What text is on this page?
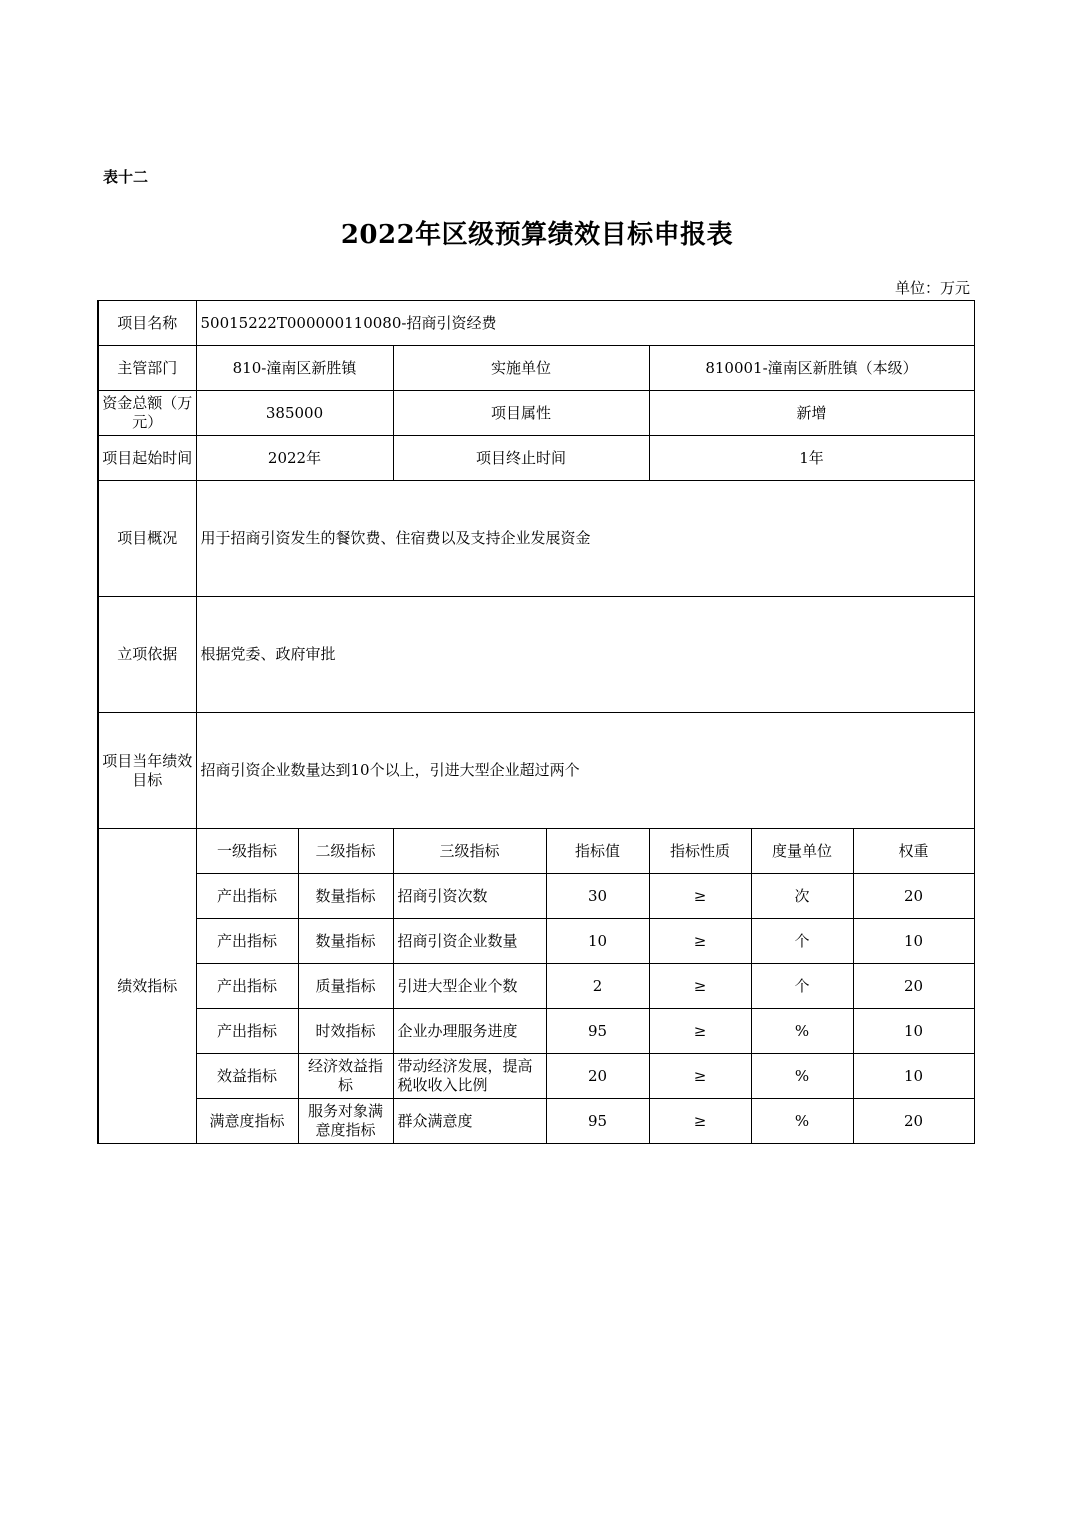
表十二
2022年区级预算绩效目标申报表
单位：万元
项目名称	50015222T000000110080-招商引资经费						
主管部门	810-潼南区新胜镇		实施单位		810001-潼南区新胜镇（本级）		
资金总额（万元）	385000		项目属性		新增		
项目起始时间	2022年		项目终止时间		1年		
项目概况	用于招商引资发生的餐饮费、住宿费以及支持企业发展资金						
立项依据	根据党委、政府审批						
项目当年绩效目标	招商引资企业数量达到10个以上，引进大型企业超过两个						
绩效指标	一级指标	二级指标	三级指标	指标值	指标性质	度量单位	权重
	产出指标	数量指标	招商引资次数	30	≥	次	20
	产出指标	数量指标	招商引资企业数量	10	≥	个	10
	产出指标	质量指标	引进大型企业个数	2	≥	个	20
	产出指标	时效指标	企业办理服务进度	95	≥	%	10
	效益指标	经济效益指标	带动经济发展，提高税收收入比例	20	≥	%	10
	满意度指标	服务对象满意度指标	群众满意度	95	≥	%	20
